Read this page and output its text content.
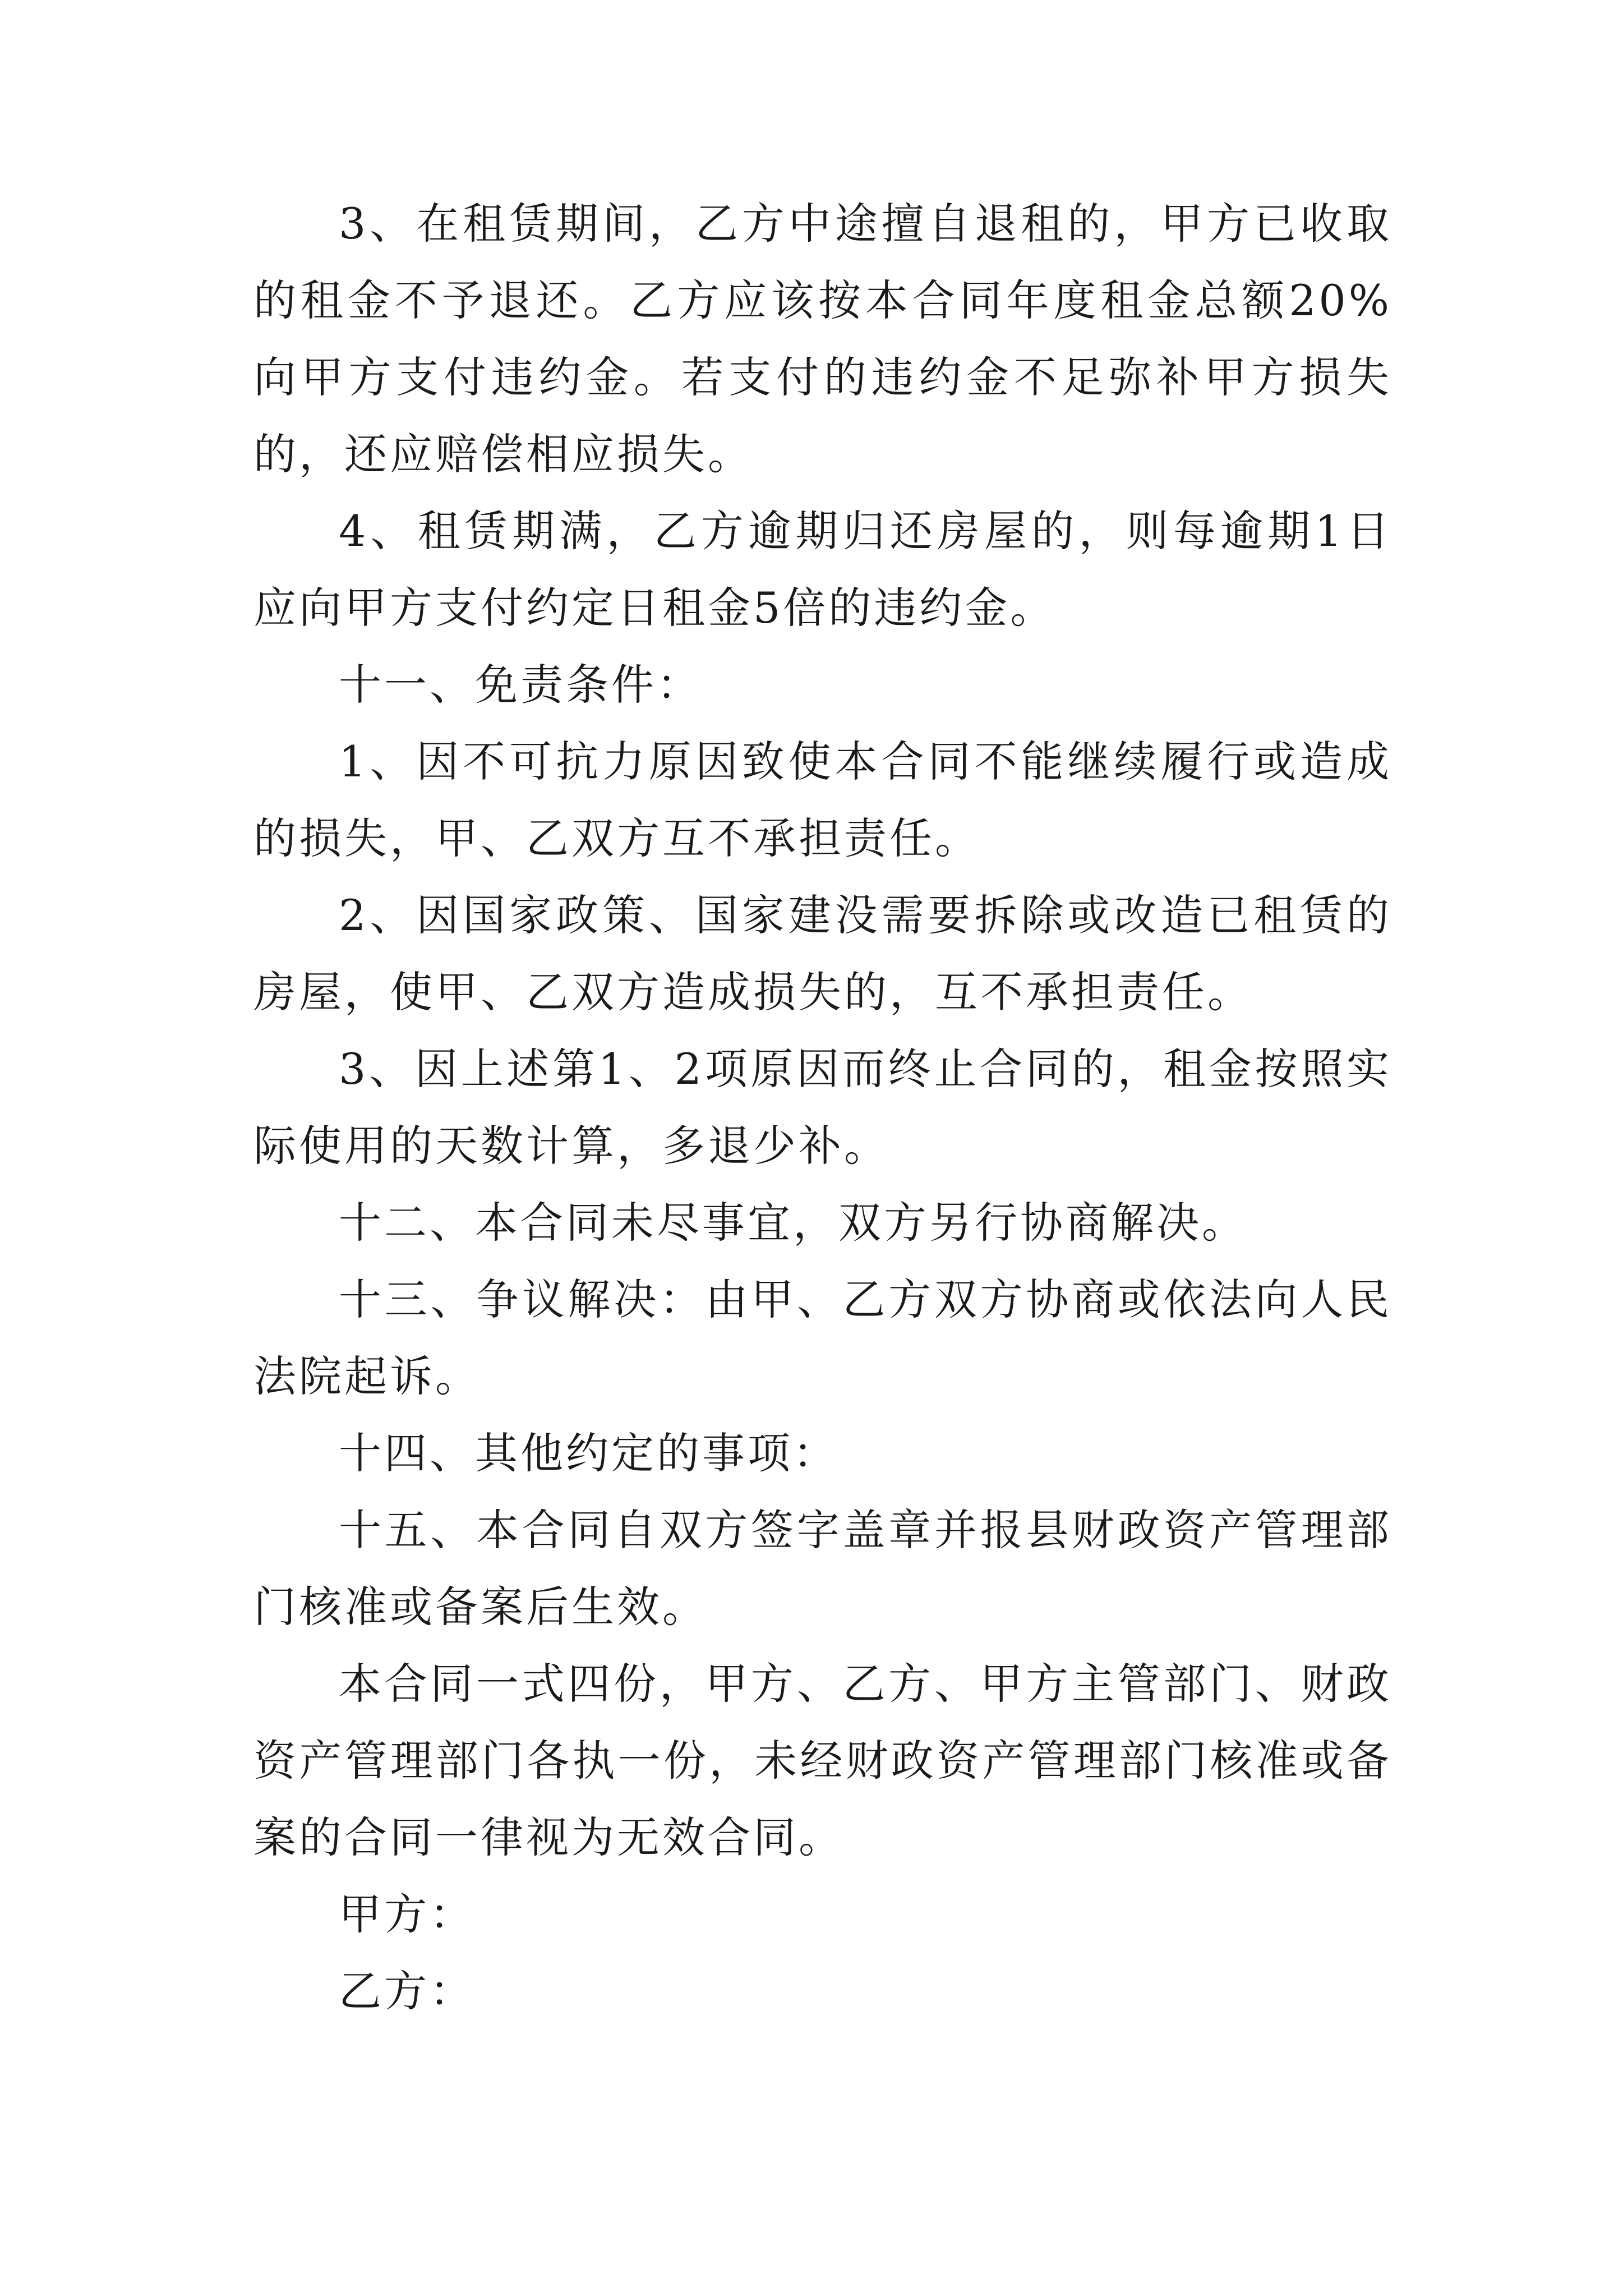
3、在租赁期间，乙方中途擅自退租的，甲方已收取的租金不予退还。乙方应该按本合同年度租金总额20%向甲方支付违约金。若支付的违约金不足弥补甲方损失的，还应赔偿相应损失。

4、租赁期满，乙方逾期归还房屋的，则每逾期1日应向甲方支付约定日租金5倍的违约金。

十一、免责条件：

1、因不可抗力原因致使本合同不能继续履行或造成的损失，甲、乙双方互不承担责任。

2、因国家政策、国家建没需要拆除或改造已租赁的房屋，使甲、乙双方造成损失的，互不承担责任。

3、因上述第1、2项原因而终止合同的，租金按照实际使用的天数计算，多退少补。

十二、本合同未尽事宜，双方另行协商解决。

十三、争议解决：由甲、乙方双方协商或依法向人民法院起诉。

十四、其他约定的事项：

十五、本合同自双方签字盖章并报县财政资产管理部门核准或备案后生效。

本合同一式四份，甲方、乙方、甲方主管部门、财政资产管理部门各执一份，未经财政资产管理部门核准或备案的合同一律视为无效合同。

甲方：

乙方：
